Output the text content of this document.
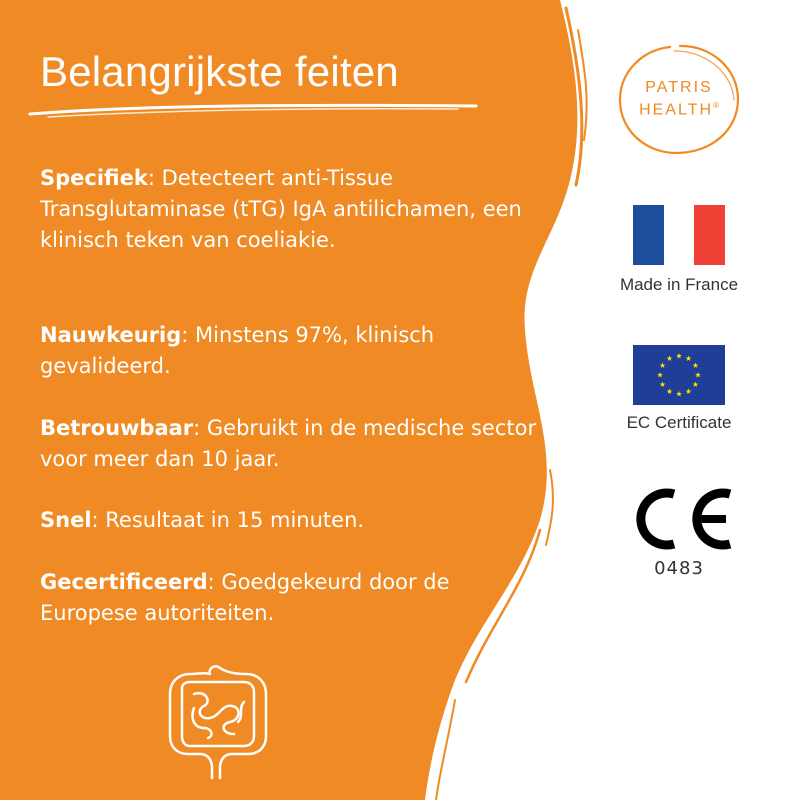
Belangrijkste feiten
Specifiek: Detecteert anti-Tissue Transglutaminase (tTG) IgA antilichamen, een klinisch teken van coeliakie.
Nauwkeurig: Minstens 97%, klinisch gevalideerd.
Betrouwbaar: Gebruikt in de medische sector voor meer dan 10 jaar.
Snel: Resultaat in 15 minuten.
Gecertificeerd: Goedgekeurd door de Europese autoriteiten.
PATRIS
HEALTH®
Made in France
EC Certificate
0483
